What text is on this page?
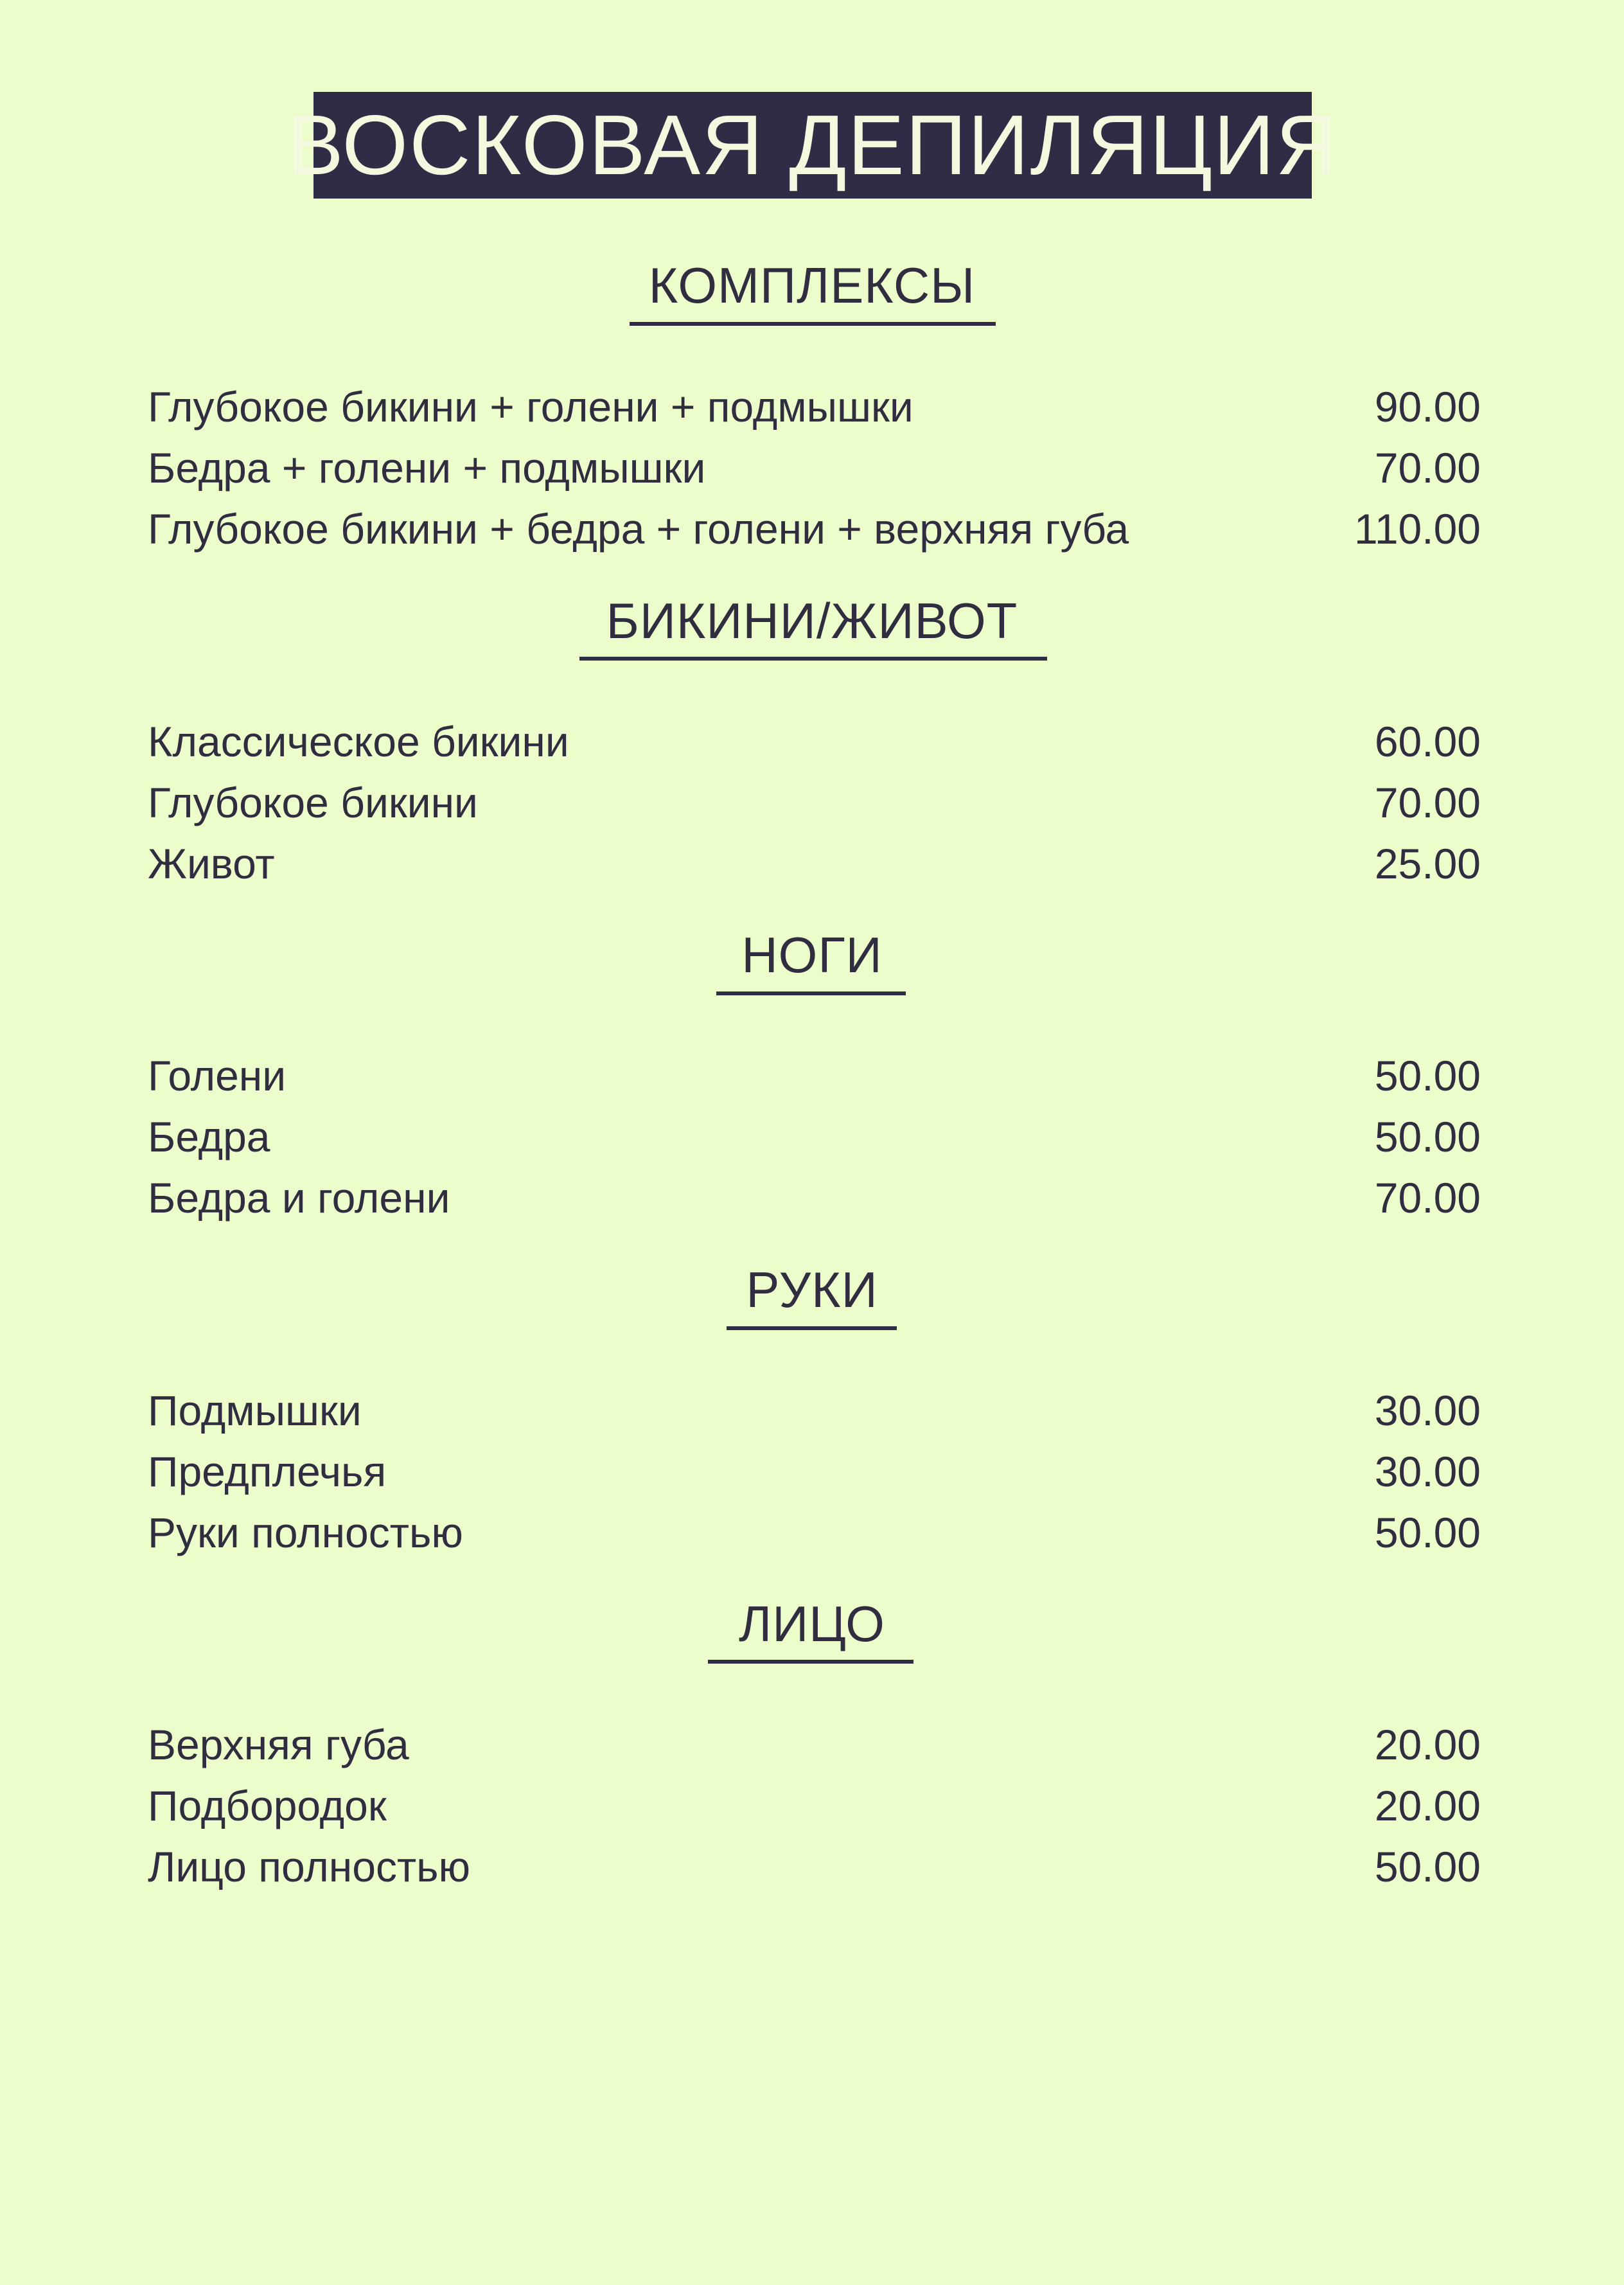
ВОСКОВАЯ ДЕПИЛЯЦИЯ
КОМПЛЕКСЫ
Глубокое бикини + голени + подмышки	90.00
Бедра + голени + подмышки	70.00
Глубокое бикини + бедра + голени + верхняя губа	110.00
БИКИНИ/ЖИВОТ
Классическое бикини	60.00
Глубокое бикини	70.00
Живот	25.00
НОГИ
Голени	50.00
Бедра	50.00
Бедра и голени	70.00
РУКИ
Подмышки	30.00
Предплечья	30.00
Руки полностью	50.00
ЛИЦО
Верхняя губа	20.00
Подбородок	20.00
Лицо полностью	50.00
